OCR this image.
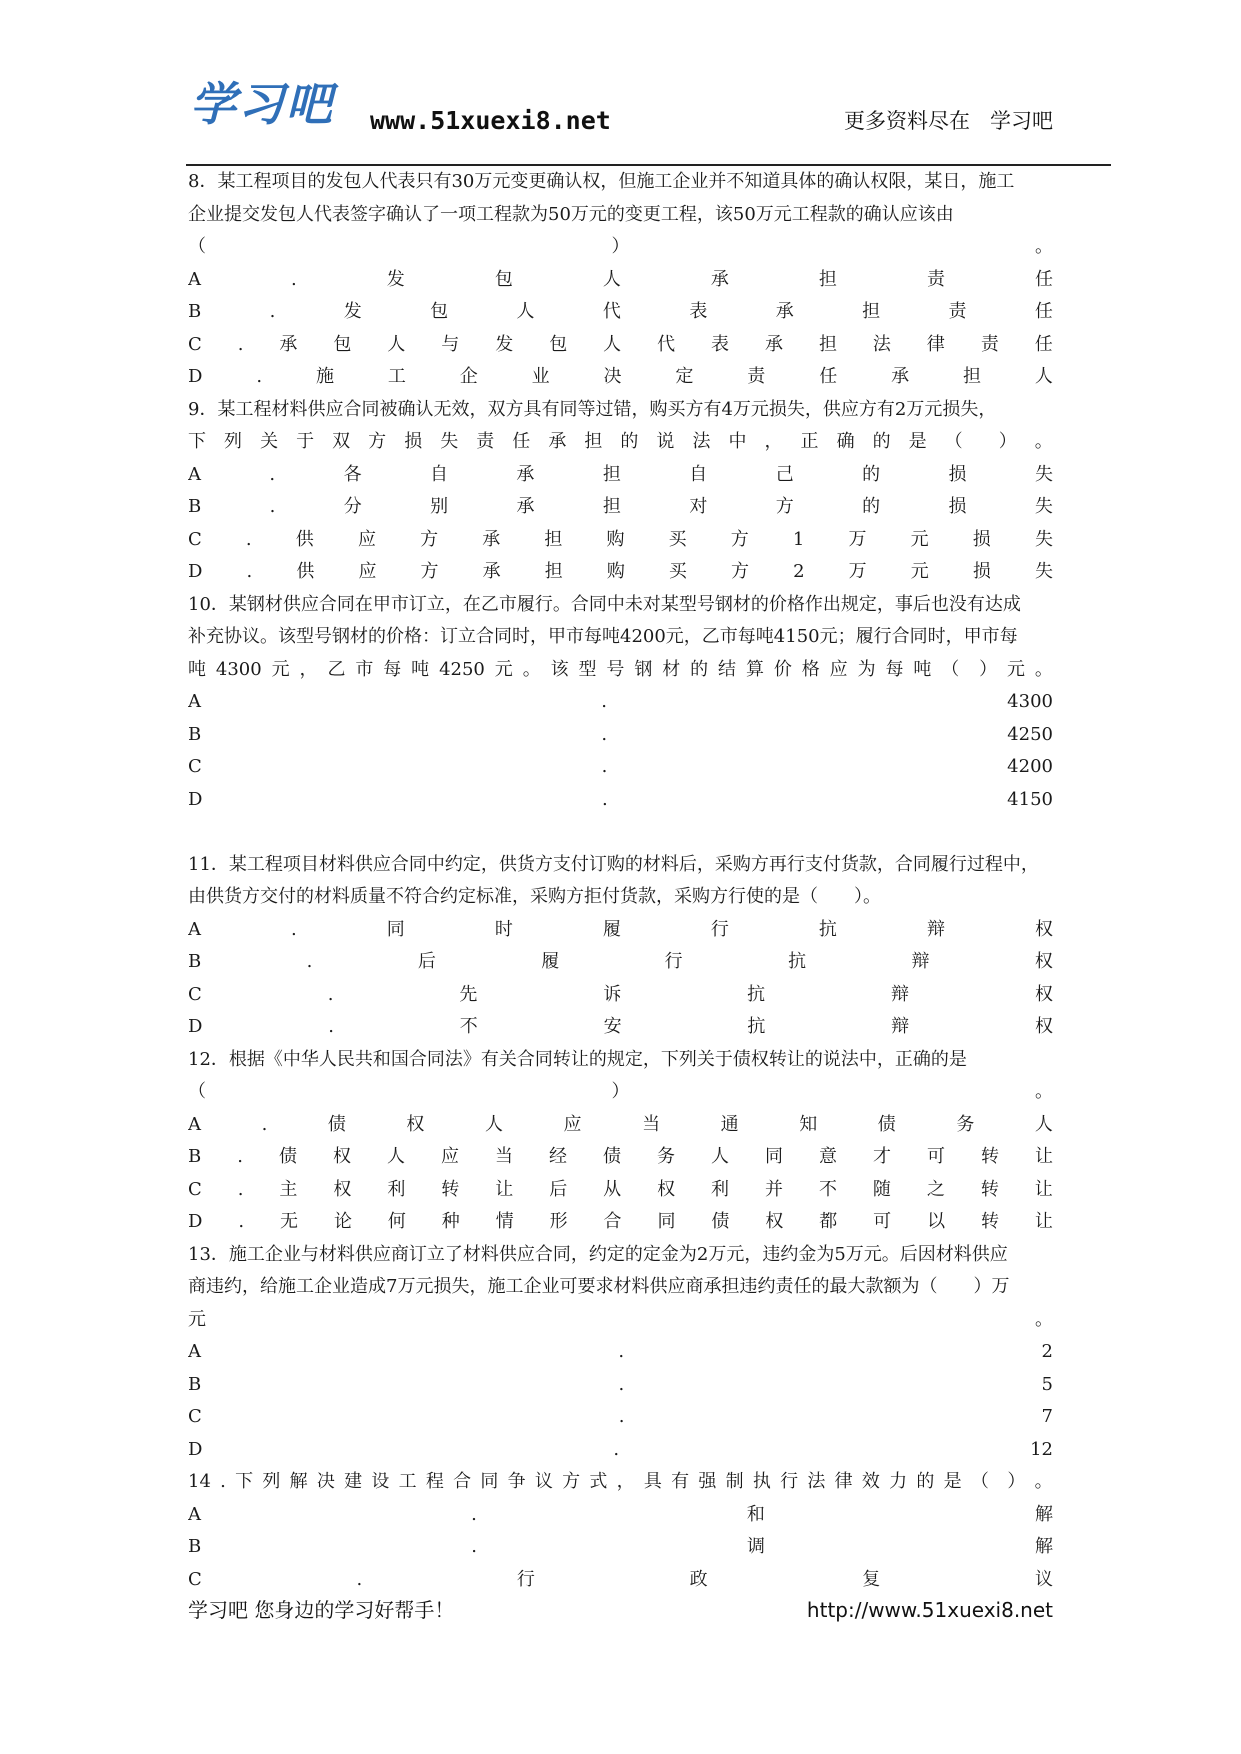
学习吧 www.51xuexi8.net	更多资料尽在   学习吧
8．某工程项目的发包人代表只有30万元变更确认权，但施工企业并不知道具体的确认权限，某日，施工
企业提交发包人代表签字确认了一项工程款为50万元的变更工程，该50万元工程款的确认应该由
（	）	。
A	.	发	包	人	承	担	责	任
B	.	发	包	人	代	表	承	担	责	任
C . 承 包 人 与 发 包 人 代 表 承 担 法 律 责 任
D	.	施	工	企	业	决	定	责	任	承	担	人
9．某工程材料供应合同被确认无效，双方具有同等过错，购买方有4万元损失，供应方有2万元损失，
下 列 关 于 双 方 损 失 责 任 承 担 的 说 法 中 ， 正 确 的 是 （ ） 。
A	.	各	自	承	担	自	己	的	损	失
B	.	分	别	承	担	对	方	的	损	失
C . 供 应 方 承 担 购 买 方 1 万 元 损 失
D . 供 应 方 承 担 购 买 方 2 万 元 损 失
10．某钢材供应合同在甲市订立，在乙市履行。合同中未对某型号钢材的价格作出规定，事后也没有达成
补充协议。该型号钢材的价格：订立合同时，甲市每吨4200元，乙市每吨4150元；履行合同时，甲市每
吨 4300 元 ， 乙 市 每 吨 4250 元 。 该 型 号 钢 材 的 结 算 价 格 应 为 每 吨 （ ） 元 。
A	.	4300
B	.	4250
C	.	4200
D	.	4150
11．某工程项目材料供应合同中约定，供货方支付订购的材料后，采购方再行支付货款，合同履行过程中，
由供货方交付的材料质量不符合约定标准，采购方拒付货款，采购方行使的是（　　）。
A	.	同	时	履	行	抗	辩	权
B	.	后	履	行	抗	辩	权
C	.	先	诉	抗	辩	权
D	.	不	安	抗	辩	权
12．根据《中华人民共和国合同法》有关合同转让的规定，下列关于债权转让的说法中，正确的是
（	）	。
A	.	债	权	人	应	当	通	知	债	务	人
B . 债 权 人 应 当 经 债 务 人 同 意 才 可 转 让
C . 主 权 利 转 让 后 从 权 利 并 不 随 之 转 让
D . 无 论 何 种 情 形 合 同 债 权 都 可 以 转 让
13．施工企业与材料供应商订立了材料供应合同，约定的定金为2万元，违约金为5万元。后因材料供应
商违约，给施工企业造成7万元损失，施工企业可要求材料供应商承担违约责任的最大款额为（　　）万
元	。
A	.	2
B	.	5
C	.	7
D	.	12
14 . 下 列 解 决 建 设 工 程 合 同 争 议 方 式 ， 具 有 强 制 执 行 法 律 效 力 的 是 （ ） 。
A	.	和	解
B	.	调	解
C	.	行	政	复	议
学习吧 您身边的学习好帮手！	http://www.51xuexi8.net
